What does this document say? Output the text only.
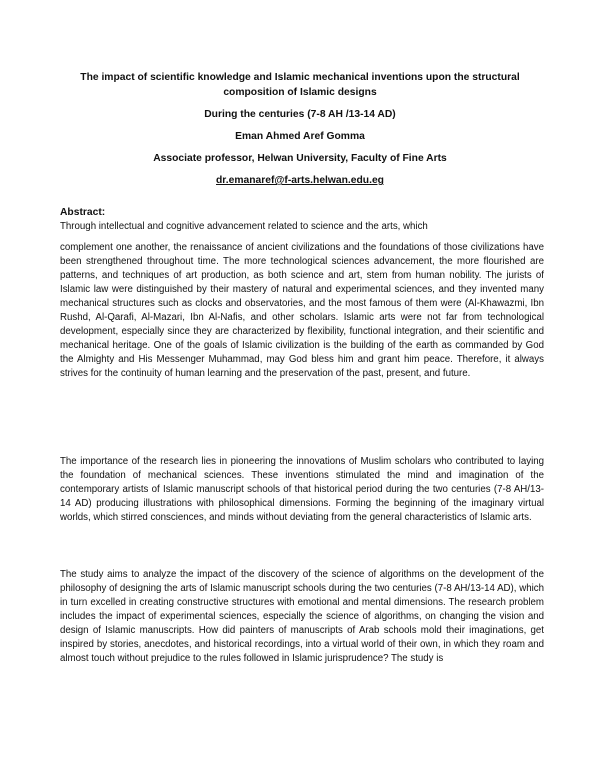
The impact of scientific knowledge and Islamic mechanical inventions upon the structural composition of Islamic designs

During the centuries (7-8 AH /13-14 AD)

Eman Ahmed Aref Gomma

Associate professor, Helwan University, Faculty of Fine Arts

dr.emanaref@f-arts.helwan.edu.eg

Abstract:

Through intellectual and cognitive advancement related to science and the arts, which

complement one another, the renaissance of ancient civilizations and the foundations of those civilizations have been strengthened throughout time. The more technological sciences advancement, the more flourished are patterns, and techniques of art production, as both science and art, stem from human nobility. The jurists of Islamic law were distinguished by their mastery of natural and experimental sciences, and they invented many mechanical structures such as clocks and observatories, and the most famous of them were (Al-Khawazmi, Ibn Rushd, Al-Qarafi, Al-Mazari, Ibn Al-Nafis, and other scholars. Islamic arts were not far from technological development, especially since they are characterized by flexibility, functional integration, and their scientific and mechanical heritage. One of the goals of Islamic civilization is the building of the earth as commanded by God the Almighty and His Messenger Muhammad, may God bless him and grant him peace. Therefore, it always strives for the continuity of human learning and the preservation of the past, present, and future.

The importance of the research lies in pioneering the innovations of Muslim scholars who contributed to laying the foundation of mechanical sciences. These inventions stimulated the mind and imagination of the contemporary artists of Islamic manuscript schools of that historical period during the two centuries (7-8 AH/13-14 AD) producing illustrations with philosophical dimensions. Forming the beginning of the imaginary virtual worlds, which stirred consciences, and minds without deviating from the general characteristics of Islamic arts.

The study aims to analyze the impact of the discovery of the science of algorithms on the development of the philosophy of designing the arts of Islamic manuscript schools during the two centuries (7-8 AH/13-14 AD), which in turn excelled in creating constructive structures with emotional and mental dimensions. The research problem includes the impact of experimental sciences, especially the science of algorithms, on changing the vision and design of Islamic manuscripts. How did painters of manuscripts of Arab schools mold their imaginations, get inspired by stories, anecdotes, and historical recordings, into a virtual world of their own, in which they roam and almost touch without prejudice to the rules followed in Islamic jurisprudence? The study is
